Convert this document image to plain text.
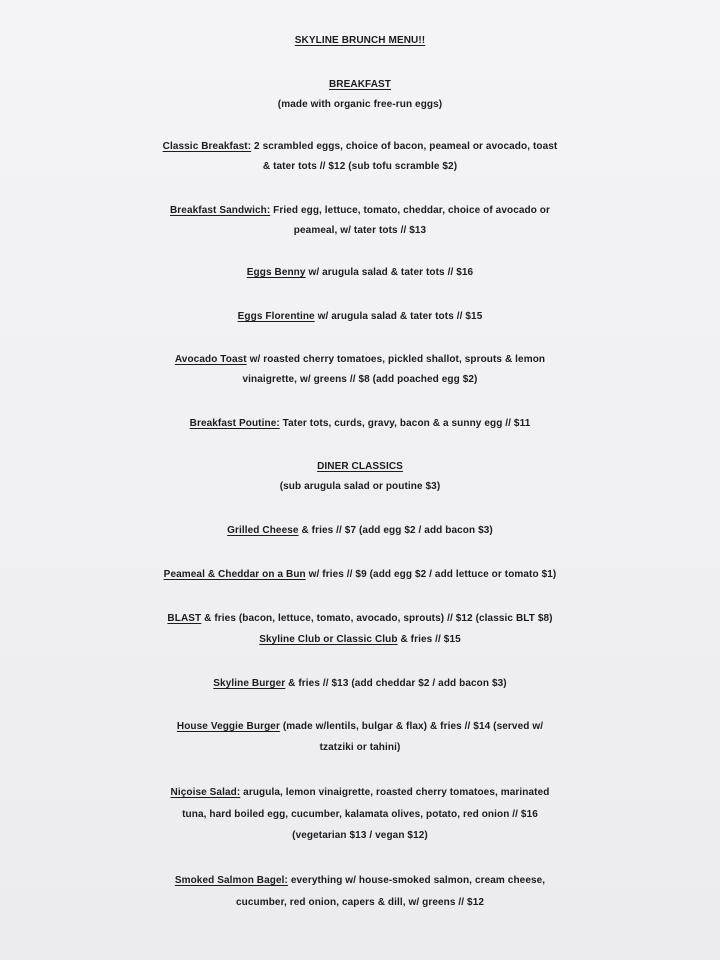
SKYLINE BRUNCH MENU!!
BREAKFAST
(made with organic free-run eggs)
Classic Breakfast: 2 scrambled eggs, choice of bacon, peameal or avocado, toast
& tater tots // $12 (sub tofu scramble $2)
Breakfast Sandwich: Fried egg, lettuce, tomato, cheddar, choice of avocado or
peameal, w/ tater tots // $13
Eggs Benny w/ arugula salad & tater tots // $16
Eggs Florentine w/ arugula salad & tater tots // $15
Avocado Toast w/ roasted cherry tomatoes, pickled shallot, sprouts & lemon
vinaigrette, w/ greens // $8 (add poached egg $2)
Breakfast Poutine: Tater tots, curds, gravy, bacon & a sunny egg // $11
DINER CLASSICS
(sub arugula salad or poutine $3)
Grilled Cheese & fries // $7 (add egg $2 / add bacon $3)
Peameal & Cheddar on a Bun w/ fries // $9 (add egg $2 / add lettuce or tomato $1)
BLAST & fries (bacon, lettuce, tomato, avocado, sprouts) // $12 (classic BLT $8)
Skyline Club or Classic Club & fries // $15
Skyline Burger & fries // $13 (add cheddar $2 / add bacon $3)
House Veggie Burger (made w/lentils, bulgar & flax) & fries // $14 (served w/
tzatziki or tahini)
Niçoise Salad: arugula, lemon vinaigrette, roasted cherry tomatoes, marinated
tuna, hard boiled egg, cucumber, kalamata olives, potato, red onion // $16
(vegetarian $13 / vegan $12)
Smoked Salmon Bagel: everything w/ house-smoked salmon, cream cheese,
cucumber, red onion, capers & dill, w/ greens // $12
